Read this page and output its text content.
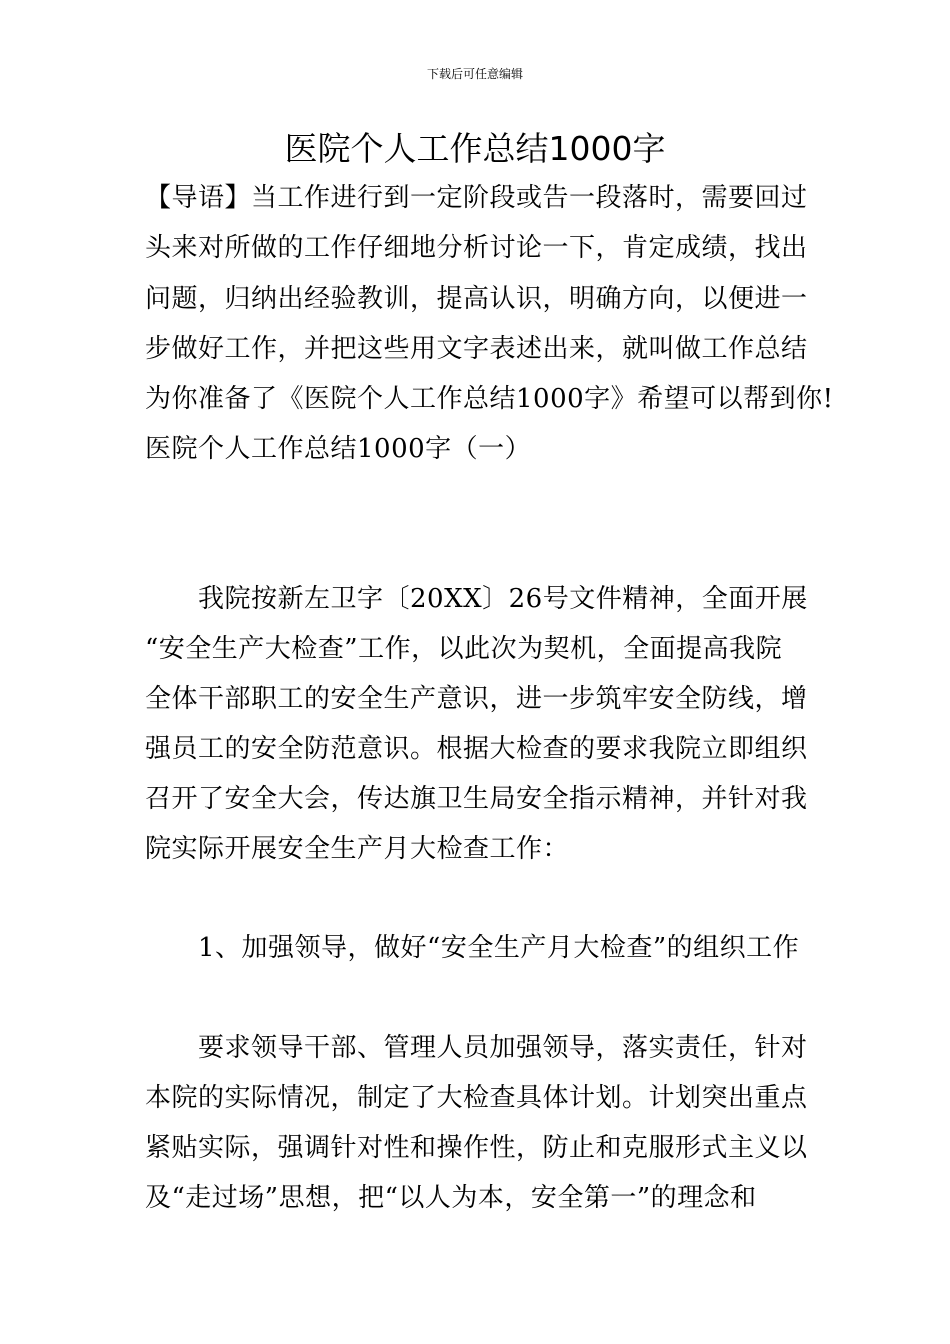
下载后可任意编辑
医院个人工作总结1000字
【导语】当工作进行到一定阶段或告一段落时，需要回过
头来对所做的工作仔细地分析讨论一下，肯定成绩，找出
问题，归纳出经验教训，提高认识，明确方向，以便进一
步做好工作，并把这些用文字表述出来，就叫做工作总结
为你准备了《医院个人工作总结1000字》希望可以帮到你!
医院个人工作总结1000字（一）
我院按新左卫字〔20XX〕26号文件精神，全面开展
“安全生产大检查”工作，以此次为契机，全面提高我院
全体干部职工的安全生产意识，进一步筑牢安全防线，增
强员工的安全防范意识。根据大检查的要求我院立即组织
召开了安全大会，传达旗卫生局安全指示精神，并针对我
院实际开展安全生产月大检查工作：
1、加强领导，做好“安全生产月大检查”的组织工作
要求领导干部、管理人员加强领导，落实责任，针对
本院的实际情况，制定了大检查具体计划。计划突出重点
紧贴实际，强调针对性和操作性，防止和克服形式主义以
及“走过场”思想，把“以人为本，安全第一”的理念和
